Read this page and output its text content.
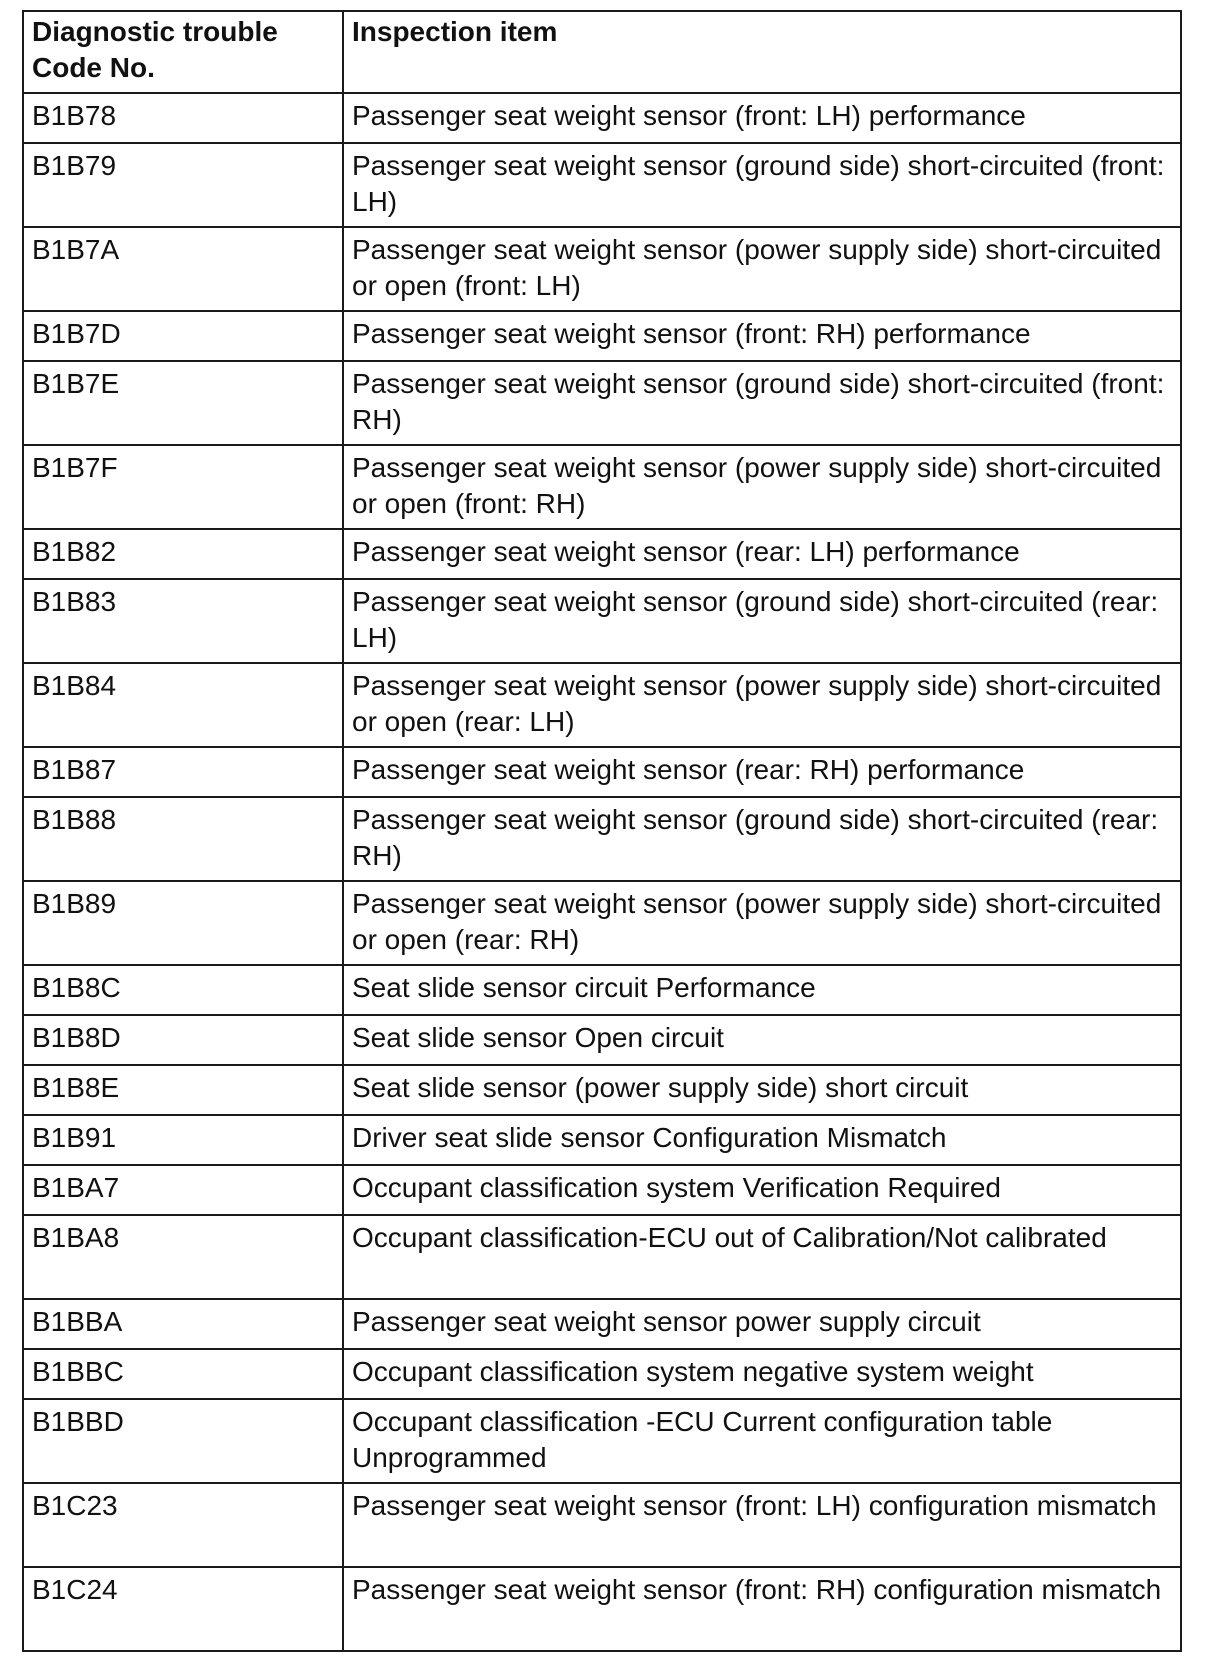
Diagnostic trouble Code No.	Inspection item
B1B78	Passenger seat weight sensor (front: LH) performance
B1B79	Passenger seat weight sensor (ground side) short-circuited (front: LH)
B1B7A	Passenger seat weight sensor (power supply side) short-circuited or open (front: LH)
B1B7D	Passenger seat weight sensor (front: RH) performance
B1B7E	Passenger seat weight sensor (ground side) short-circuited (front: RH)
B1B7F	Passenger seat weight sensor (power supply side) short-circuited or open (front: RH)
B1B82	Passenger seat weight sensor (rear: LH) performance
B1B83	Passenger seat weight sensor (ground side) short-circuited (rear: LH)
B1B84	Passenger seat weight sensor (power supply side) short-circuited or open (rear: LH)
B1B87	Passenger seat weight sensor (rear: RH) performance
B1B88	Passenger seat weight sensor (ground side) short-circuited (rear: RH)
B1B89	Passenger seat weight sensor (power supply side) short-circuited or open (rear: RH)
B1B8C	Seat slide sensor circuit Performance
B1B8D	Seat slide sensor Open circuit
B1B8E	Seat slide sensor (power supply side) short circuit
B1B91	Driver seat slide sensor Configuration Mismatch
B1BA7	Occupant classification system Verification Required
B1BA8	Occupant classification-ECU out of Calibration/Not calibrated
B1BBA	Passenger seat weight sensor power supply circuit
B1BBC	Occupant classification system negative system weight
B1BBD	Occupant classification -ECU Current configuration table Unprogrammed
B1C23	Passenger seat weight sensor (front: LH) configuration mismatch
B1C24	Passenger seat weight sensor (front: RH) configuration mismatch
